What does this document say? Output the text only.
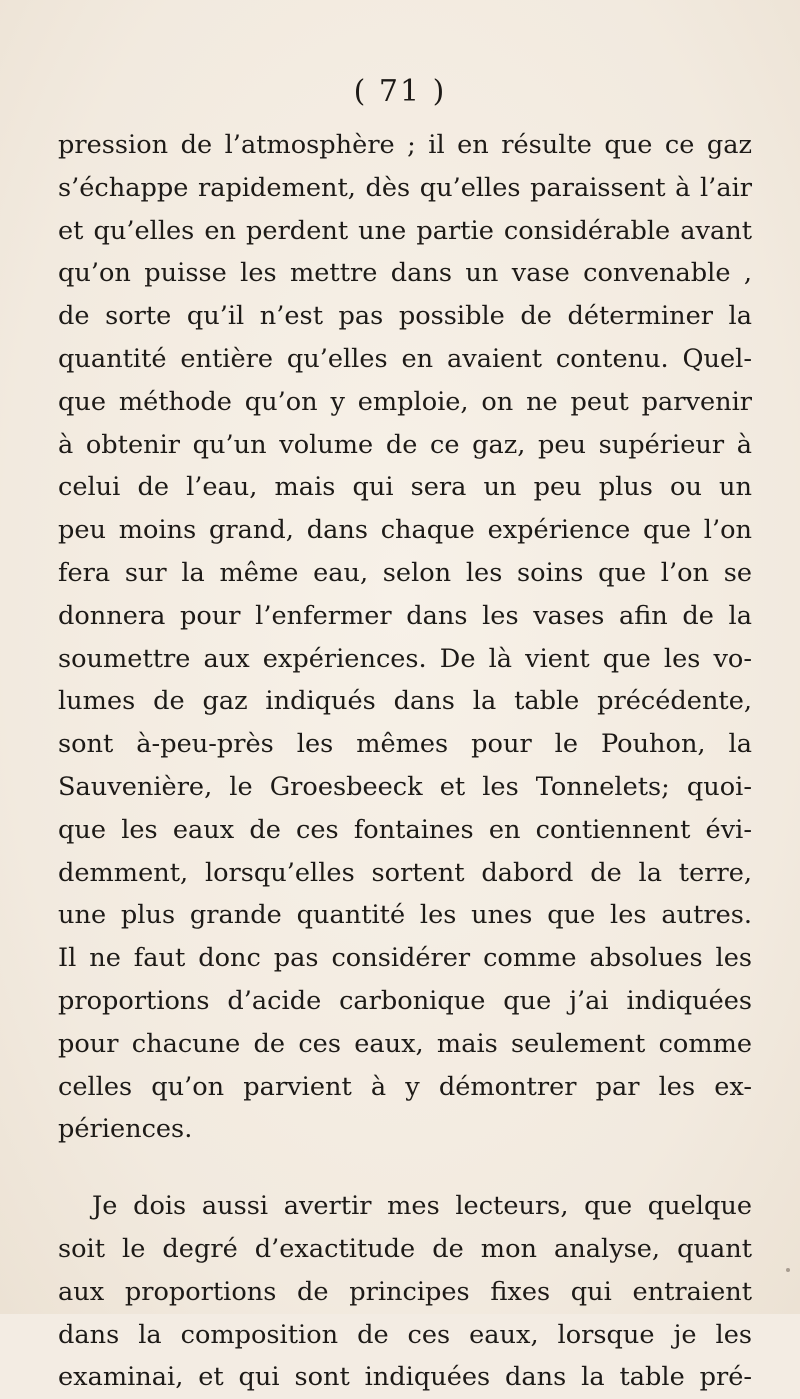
( 71 )
pression de l’atmosphère ; il en résulte que ce gaz
s’échappe rapidement, dès qu’elles paraissent à l’air
et qu’elles en perdent une partie considérable avant
qu’on puisse les mettre dans un vase convenable ,
de sorte qu’il n’est pas possible de déterminer la
quantité entière qu’elles en avaient contenu. Quel-
que méthode qu’on y emploie, on ne peut parvenir
à obtenir qu’un volume de ce gaz, peu supérieur à
celui de l’eau, mais qui sera un peu plus ou un
peu moins grand, dans chaque expérience que l’on
fera sur la même eau, selon les soins que l’on se
donnera pour l’enfermer dans les vases afin de la
soumettre aux expériences. De là vient que les vo-
lumes de gaz indiqués dans la table précédente,
sont à-peu-près les mêmes pour le Pouhon, la
Sauvenière, le Groesbeeck et les Tonnelets; quoi-
que les eaux de ces fontaines en contiennent évi-
demment, lorsqu’elles sortent dabord de la terre,
une plus grande quantité les unes que les autres.
Il ne faut donc pas considérer comme absolues les
proportions d’acide carbonique que j’ai indiquées
pour chacune de ces eaux, mais seulement comme
celles qu’on parvient à y démontrer par les ex-
périences.
Je dois aussi avertir mes lecteurs, que quelque
soit le degré d’exactitude de mon analyse, quant
aux proportions de principes fixes qui entraient
dans la composition de ces eaux, lorsque je les
examinai, et qui sont indiquées dans la table pré-
